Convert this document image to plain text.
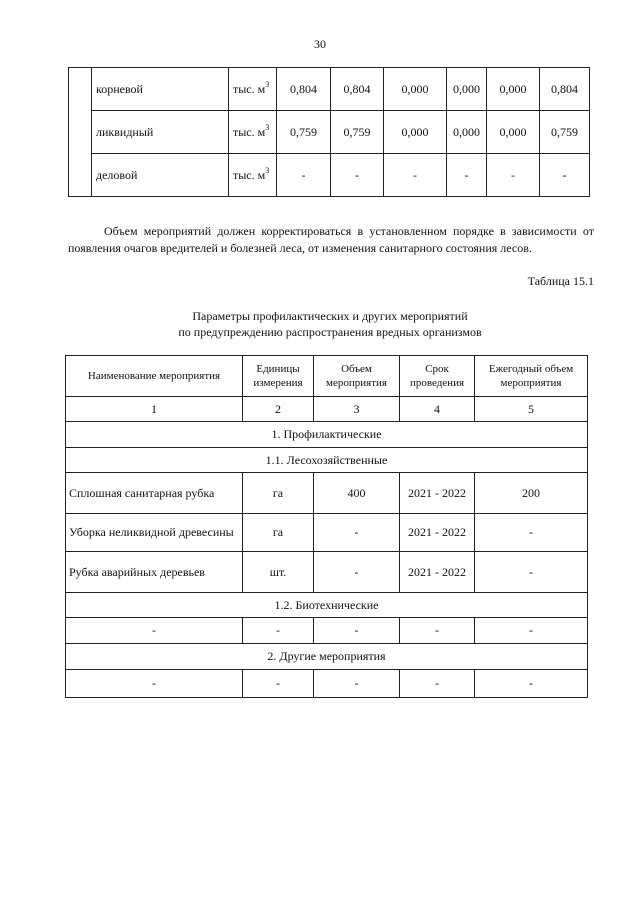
30
	корневой	тыс. $м^3$	0,804	0,804	0,000	0,000	0,000	0,804
	ликвидный	тыс. $м^3$	0,759	0,759	0,000	0,000	0,000	0,759
	деловой	тыс. $м^3$	-	-	-	-	-	-

Объем мероприятий должен корректироваться в установленном порядке в зависимости от появления очагов вредителей и болезней леса, от изменения санитарного состояния лесов.

Таблица 15.1
Параметры профилактических и других мероприятий
по предупреждению распространения вредных организмов
Наименование мероприятия	Единицы измерения	Объем мероприятия	Срок проведения	Ежегодный объем мероприятия
1	2	3	4	5
1. Профилактические				
1.1. Лесохозяйственные				
Сплошная санитарная рубка	га	400	2021 - 2022	200
Уборка неликвидной древесины	га	-	2021 - 2022	-
Рубка аварийных деревьев	шт.	-	2021 - 2022	-
1.2. Биотехнические				
-	-	-	-	-
2. Другие мероприятия				
-	-	-	-	-
